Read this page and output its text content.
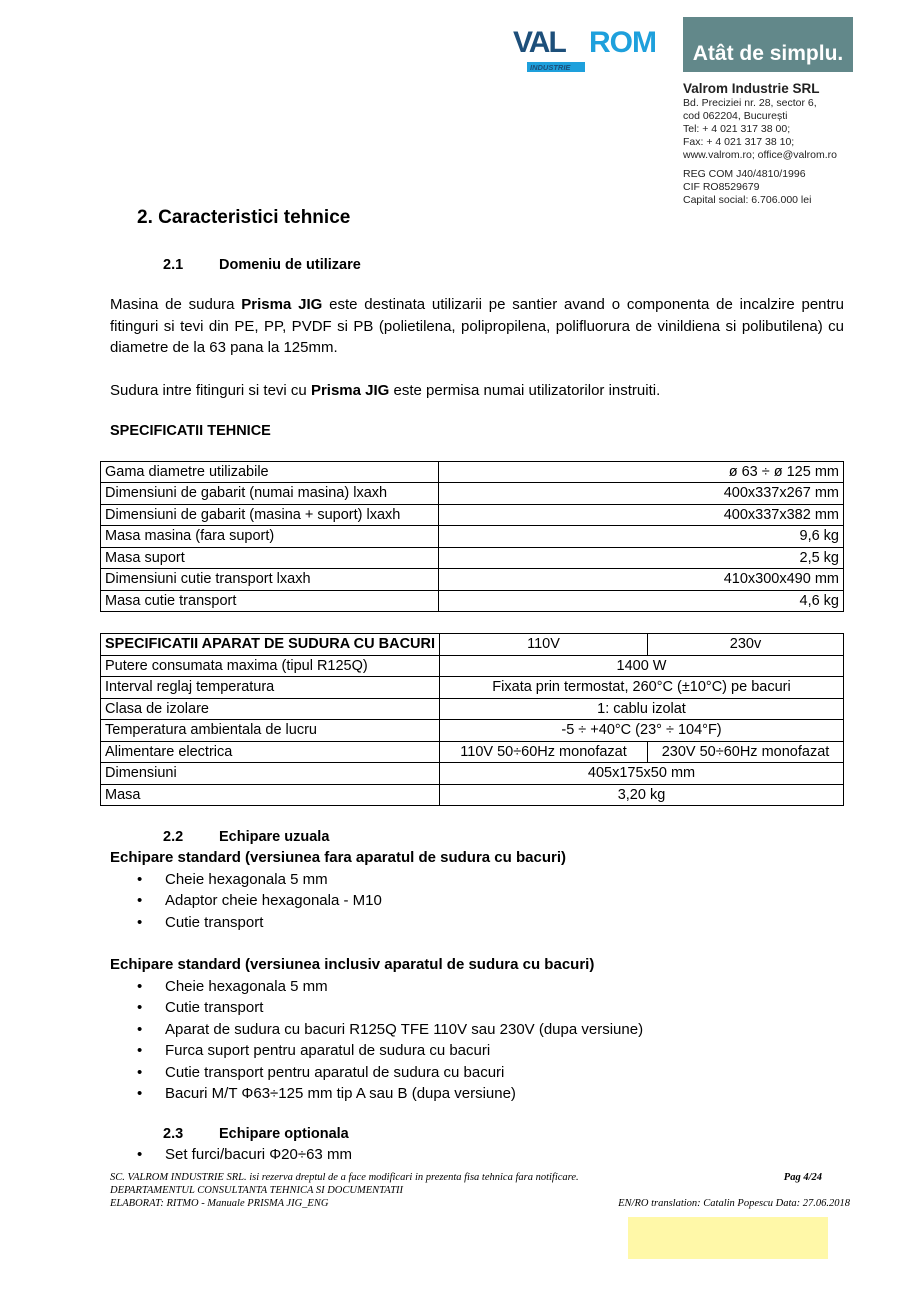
VAL ROM
INDUSTRIE
Atât de simplu.
Valrom Industrie SRL
Bd. Preciziei nr. 28, sector 6,
cod 062204, București
Tel: + 4 021 317 38 00;
Fax: + 4 021 317 38 10;
www.valrom.ro; office@valrom.ro
REG COM J40/4810/1996
CIF RO8529679
Capital social: 6.706.000 lei
2. Caracteristici tehnice
2.1 Domeniu de utilizare

Masina de sudura Prisma JIG este destinata utilizarii pe santier avand o componenta de incalzire pentru fitinguri si tevi din PE, PP, PVDF si PB (polietilena, polipropilena, polifluorura de vinildiena si polibutilena) cu diametre de la 63 pana la 125mm.

Sudura intre fitinguri si tevi cu Prisma JIG este permisa numai utilizatorilor instruiti.

SPECIFICATII TEHNICE

Gama diametre utilizabile	ø 63 ÷ ø 125 mm
Dimensiuni de gabarit (numai masina) lxaxh	400x337x267 mm
Dimensiuni de gabarit (masina + suport) lxaxh	400x337x382 mm
Masa masina (fara suport)	9,6 kg
Masa suport	2,5 kg
Dimensiuni cutie transport lxaxh	410x300x490 mm
Masa cutie transport	4,6 kg
SPECIFICATII APARAT DE SUDURA CU BACURI	110V	230v
Putere consumata maxima (tipul R125Q)	1400 W	
Interval reglaj temperatura	Fixata prin termostat, 260°C (±10°C) pe bacuri	
Clasa de izolare	1: cablu izolat	
Temperatura ambientala de lucru	-5 ÷ +40°C (23° ÷ 104°F)	
Alimentare electrica	110V 50÷60Hz monofazat	230V 50÷60Hz monofazat
Dimensiuni	405x175x50 mm	
Masa	3,20 kg	
2.2 Echipare uzuala

Echipare standard (versiunea fara aparatul de sudura cu bacuri)

• Cheie hexagonala 5 mm
• Adaptor cheie hexagonala - M10
• Cutie transport

Echipare standard (versiunea inclusiv aparatul de sudura cu bacuri)

• Cheie hexagonala 5 mm
• Cutie transport
• Aparat de sudura cu bacuri R125Q TFE 110V sau 230V (dupa versiune)
• Furca suport pentru aparatul de sudura cu bacuri
• Cutie transport pentru aparatul de sudura cu bacuri
• Bacuri M/T Φ63÷125 mm tip A sau B (dupa versiune)
2.3 Echipare optionala
• Set furci/bacuri Φ20÷63 mm
SC. VALROM INDUSTRIE SRL. isi rezerva dreptul de a face modificari in prezenta fisa tehnica fara notificare.	Pag 4/24
DEPARTAMENTUL CONSULTANTA TEHNICA SI DOCUMENTATII
ELABORAT: RITMO - Manuale PRISMA JIG_ENG	EN/RO translation: Catalin Popescu Data: 27.06.2018
